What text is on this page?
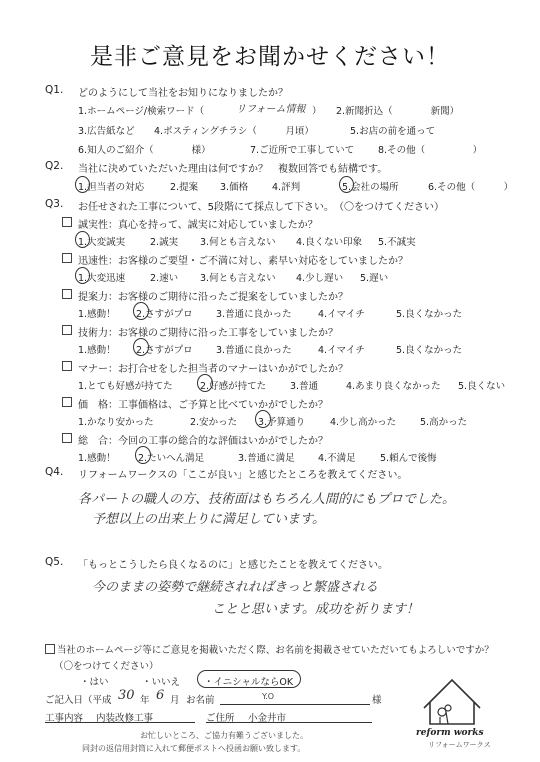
是非ご意見をお聞かせください！
Q1. どのようにして当社をお知りになりましたか？
1.ホームページ/検索ワード（	リフォーム情報 ） 2.新聞折込（　　　　新聞）
3.広告紙など 4.ポスティングチラシ（　　　月頃）	5.お店の前を通って
6.知人のご紹介（　　　　様）	7.ご近所で工事していて	8.その他（　　　　　）
Q2. 当社に決めていただいた理由は何ですか？　複数回答でも結構です。
1.担当者の対応	2.提案 3.価格	4.評判	5.会社の場所	6.その他（　　　）
Q3. お任せされた工事について、5段階にて採点して下さい。　（〇をつけてください）
誠実性：真心を持って、誠実に対応していましたか？
1.大変誠実	2.誠実 3.何とも言えない 4.良くない印象 5.不誠実
迅速性：お客様のご要望・ご不満に対し、素早い対応をしていましたか？
1.大変迅速	2.速い 3.何とも言えない 4.少し遅い 5.遅い
提案力：お客様のご期待に沿ったご提案をしていましたか？
1.感動！ 2.さすがプロ 3.普通に良かった	4.イマイチ	5.良くなかった
技術力：お客様のご期待に沿った工事をしていましたか？
1.感動！ 2.さすがプロ 3.普通に良かった	4.イマイチ	5.良くなかった
マナー：お打合せをした担当者のマナーはいかがでしたか？
1.とても好感が持てた	2.好感が持てた	3.普通	4.あまり良くなかった 5.良くない
価　格：工事価格は、ご予算と比べていかがでしたか？
1.かなり安かった	2.安かった 3.予算通り	4.少し高かった	5.高かった
総　合：今回の工事の総合的な評価はいかがでしたか？
1.感動！ 2.たいへん満足	3.普通に満足 4.不満足	5.頼んで後悔
Q4. リフォームワークスの「ここが良い」と感じたところを教えてください。
各パートの職人の方、技術面はもちろん人間的にもプロでした。
予想以上の出来上りに満足しています。
Q5. 「もっとこうしたら良くなるのに」と感じたことを教えてください。
今のままの姿勢で継続されればきっと繁盛される
ことと思います。成功を祈ります！
当社のホームページ等にご意見を掲載いただく際、お名前を掲載させていただいてもよろしいですか？
（〇をつけてください）
・はい	・いいえ	・イニシャルならOK
ご記入日（平成 30 年 6 月 お名前	Y.O	様
工事内容 内装改修工事	ご住所 小金井市
お忙しいところ、ご協力有難うございました。
同封の返信用封筒に入れて郵便ポストへ投函お願い致します。
reform works
リフォームワークス
